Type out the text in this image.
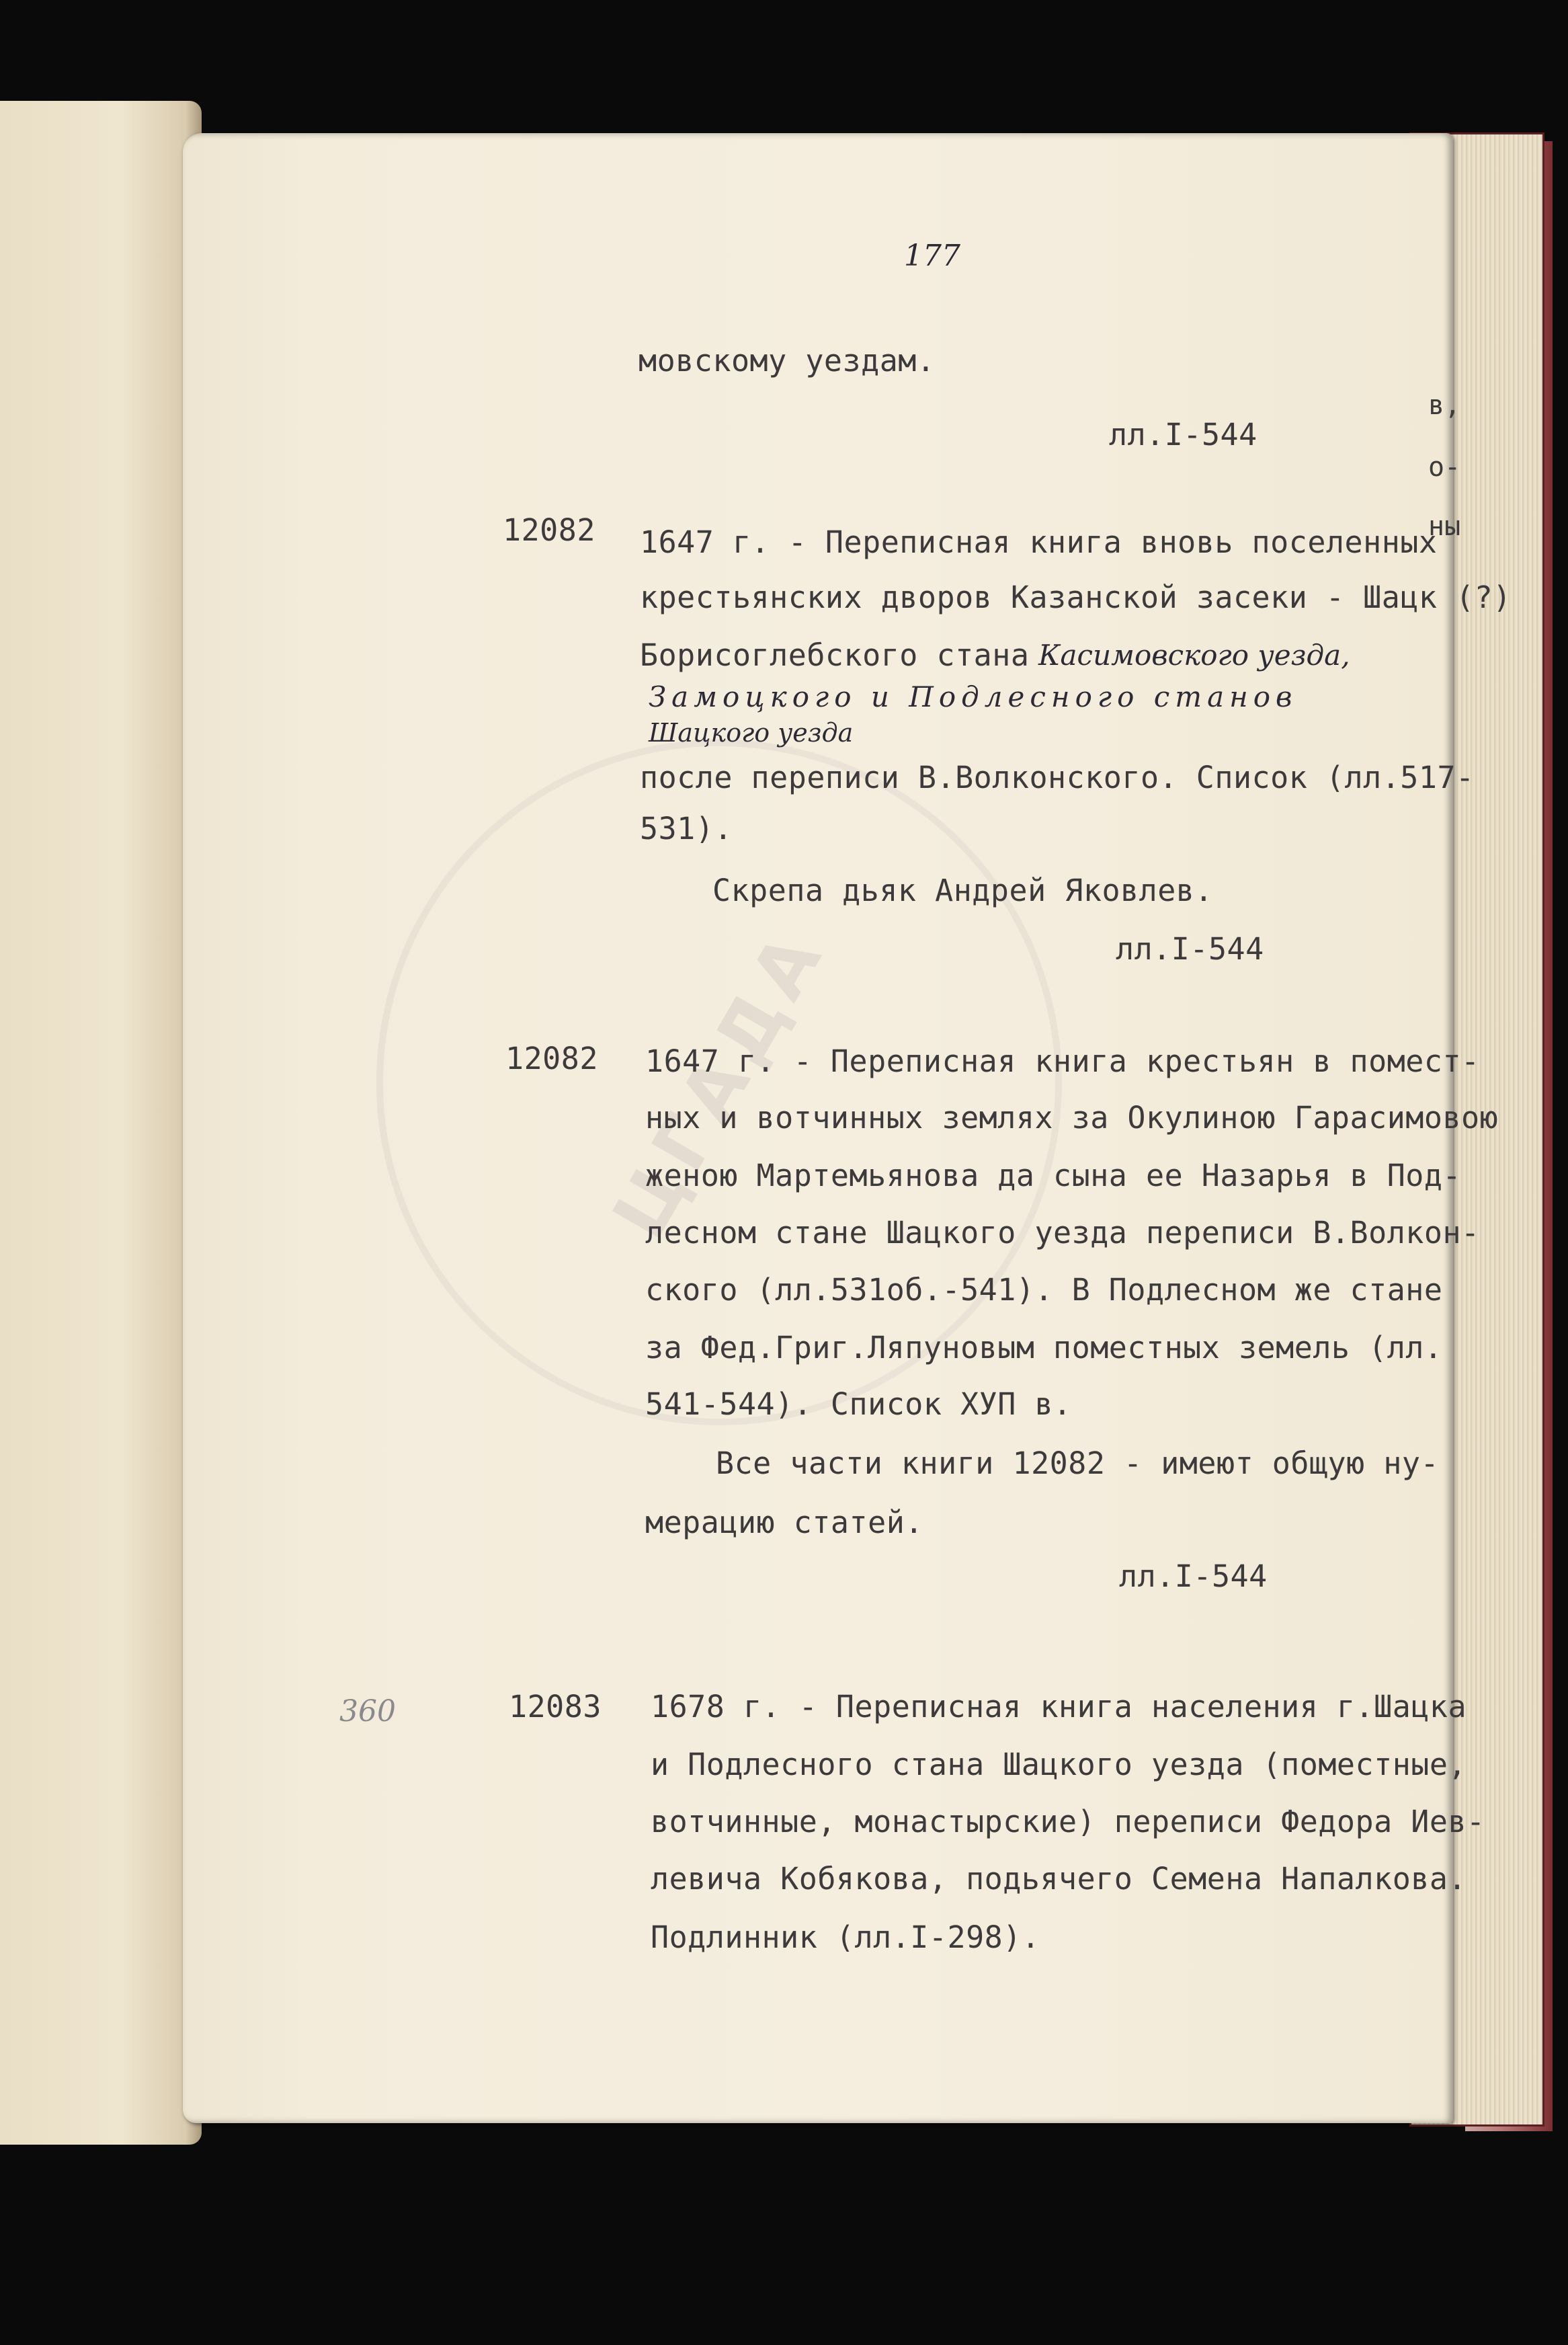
ЦГАДА
в,
о-
ны
177
мовскому уездам.
лл.I-544
12082 1647 г. - Переписная книга вновь поселенных
крестьянских дворов Казанской засеки - Шацк (?)
Борисоглебского стана Касимовского уезда,
Замоцкого и Подлесного станов
Шацкого уезда
после переписи В.Волконского. Список (лл.517-
531).
Скрепа дьяк Андрей Яковлев.
лл.I-544
12082 1647 г. - Переписная книга крестьян в помест-
ных и вотчинных землях за Окулиною Гарасимовою
женою Мартемьянова да сына ее Назарья в Под-
лесном стане Шацкого уезда переписи В.Волкон-
ского (лл.531об.-541). В Подлесном же стане
за Фед.Григ.Ляпуновым поместных земель (лл.
541-544). Список ХУП в.
Все части книги 12082 - имеют общую ну-
мерацию статей.
лл.I-544
360	12083 1678 г. - Переписная книга населения г.Шацка
и Подлесного стана Шацкого уезда (поместные,
вотчинные, монастырские) переписи Федора Иев-
левича Кобякова, подьячего Семена Напалкова.
Подлинник (лл.I-298).
